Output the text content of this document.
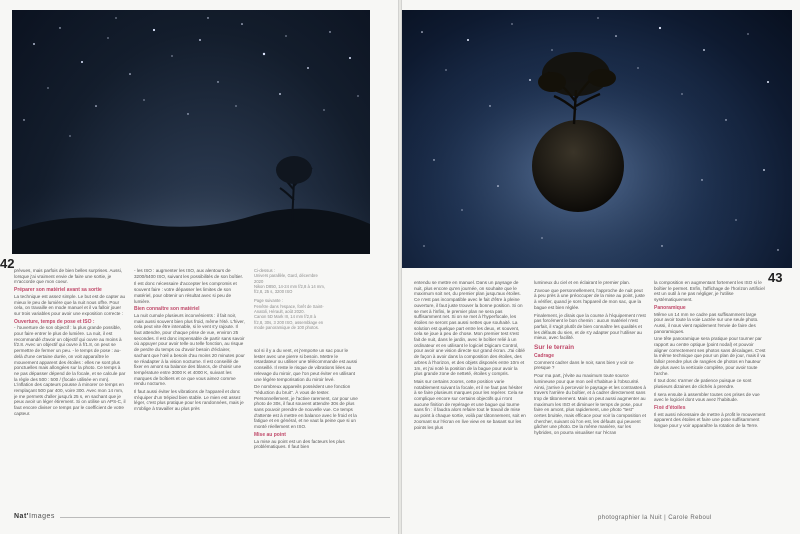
42 prévues, mais parfois de bien belles surprises. Aussi, lorsque j'ai vraiment envie de faire une sortie, je m'accorde que mon coeur.

Préparer son matériel avant sa sortie

La technique est assez simple. Le but est de capter au mieux le peu de lumière que la nuit nous offre. Pour cela, on travaille en mode manuel et il va falloir jouer sur trois variables pour avoir une exposition correcte :

Ouverture, temps de pose et ISO :

- l'ouverture de son objectif : la plus grande possible, pour faire entrer le plus de lumière. La nuit, il est recommandé d'avoir un objectif qui ouvre au moins à f/2.8. Avec un objectif qui ouvre à f/1.8, on peut se permettre de fermer un peu. - le temps de pose : au-delà d'une certaine durée, on voit apparaître le mouvement apparent des étoiles : elles ne sont plus ponctuelles mais allongées sur la photo. Ce temps à ne pas dépasser dépend de la focale, et se calcule par la règle des 500 : 500 / (focale utilisée en mm). L'inflation des capteurs pousse à minorer ce temps en remplaçant 500 par 400, voire 300. Avec mon 14 mm, je me permets d'aller jusqu'à 25 s, en sachant que je peux avoir un léger étirement. Si on utilise un APS-C, il faut encore diviser ce temps par le coefficient de votre capteur.

- les ISO : augmenter les ISO, aux alentours de 3200/6400 ISO, suivant les possibilités de son boîtier.

Il est donc nécessaire d'accepter les compromis et souvent faire : votre dépasser les limites de son matériel, pour obtenir un résultat avec si peu de lumière.

Bien connaître son matériel

La nuit cumule plusieurs inconvénients : il fait noir, mais aussi souvent bien plus froid, même l'été. L'hiver, cela peut vite être intenable, si le vent s'y rajoute. Il faut attendre, pour chaque prise de vue, environ 25 secondes. Il est donc impensable de partir sans savoir où appuyer pour avoir telle ou telle fonction, au risque de perdre du temps ou d'avoir besoin d'éclairer, sachant que l'œil a besoin d'au moins 20 minutes pour se réadapter à la vision nocturne. Il est conseillé de fixer en amont sa balance des blancs, de choisir une température entre 3000 K et 4000 K, suivant les marques de boîtiers et ce que vous aimez comme rendu nocturne.

Il faut aussi éviter les vibrations de l'appareil et donc s'équiper d'un trépied bien stable. Le mien est assez léger, c'est plus pratique pour les randonnées, mais je m'oblige à travailler au plus près

Ci-dessus :
Univers parallèle, Gard, décembre 2020
Nikon D850, 14-24 mm f/2,8 à 14 mm, f/2,8, 25 s, 3200 ISO
Page suivante :
Fenêtre dans l'espace, forêt de Saint-Anatoli, Hérault, août 2020.
Canon 5D Mark III, 14 mm f/2,8 à f/2,8, 30s, 3 200 ISO, assemblage en mode panoramique de 100 photos.

sol si il y a du vent, et j'emporte un sac pour le lester avec une pierre si besoin. Mettre le retardateur ou utiliser une télécommande est aussi conseillé. Il reste le risque de vibrations liées au relevage du miroir, que l'on peut éviter en utilisant une légère temporisation du miroir levé.

De nombreux appareils possèdent une fonction "réduction du bruit". À vous de tester. Personnellement, je l'active rarement, car pour une photo de 30s, il faut souvent attendre 30s de plus sans pouvoir prendre de nouvelle vue. Ce temps d'attente est à mettre en balance avec le froid et la fatigue et en général, et ne vaut la peine que si un monté réellement en ISO.

Mise au point

La mise au point est un des facteurs les plus problématiques. Il faut bien

Nat'Images
43

entendu se mettre en manuel. Dans un paysage de nuit, plus encore qu'en journée, on souhaite que le maximum soit net, du premier plan jusqu'aux étoiles. Ce n'est pas incompatible avec le fait d'être à pleine ouverture, il faut juste trouver la bonne position. Si on se met à l'infini, le premier plan ne sera pas suffisamment net. Si on se met à l'hyperfocale, les étoiles ne seront pas aussi nettes que souhaité. La solution est quelque part entre les deux, et souvent, cela se joue à peu de chose. Mon premier test s'est fait de nuit, dans le jardin, avec le boîtier relié à un ordinateur et en utilisant le logiciel Digicam Control, pour avoir une vision directe sur grand écran. J'ai ciblé de façon à avoir dans la composition des étoiles, des arbres à l'horizon, et des objets disposés entre 10m et 1m, et j'ai noté la position de la bague pour avoir la plus grande zone de netteté, étoiles y compris.

Mais sur certains zooms, cette position varie notablement suivant la focale, et il ne faut pas hésiter à se faire plusieurs marques pour les repérer. Cela se complique encore sur certains objectifs qui n'ont aucune finition de repérage et une bague qui tourne sans fin : il faudra alors refaire tout le travail de mise au point à chaque sortie, voilà par tâtonnement, soit en zoomant sur l'écran en live view en se basant sur les points les plus

lumineux du ciel et en éclairant le premier plan.

J'avoue que personnellement, l'approche de nuit peut à peu près à une préoccuper de la mise au point, juste à vérifier, quand je sors l'appareil de mon sac, que la bague est bien réglée.

Finalement, je dirais que la course à l'équipement n'est pas forcément le bon chemin : aucun matériel n'est parfait, il s'agit plutôt de bien connaître les qualités et les défauts du sien, et de s'y adapter pour l'utiliser au mieux, avec facilité.

Sur le terrain
Cadrage

Comment cadrer dans le noir, sans bien y voir ce presque ?

Pour ma part, j'évite au maximum toute source lumineuse pour que mon oeil s'habitue à l'obscurité. Ainsi, j'arrive à percevoir le paysage et les contrastes à travers l'arrière du boîtier, et à cadrer directement sans trop de tâtonnement. Mais on peut aussi augmenter au maximum les ISO et diminuer le temps de pose, pour faire en amont, plus rapidement, une photo "test" certes bruitée, mais efficace pour voir la composition et chercher, suivant où l'on est, les défauts qui peuvent gâcher une photo. De la même manière, sur les hybrides, on pourra visualiser sur l'écran

la composition en augmentant fortement les ISO si le boîtier le permet. Enfin, l'affichage de l'horizon artificiel est un outil à ne pas négliger, je l'utilise systématiquement.

Panoramique

Même un 14 mm ne cadre pas suffisamment large pour avoir toute la voie Lactée sur une seule photo. Aussi, il nous vient rapidement l'envie de faire des panoramiques.

Une tête panoramique sera pratique pour tourner par rapport au centre optique (point nodal) et pouvoir aligner correctement ses photos sans décalages. C'est la même technique que pour un plan de jour, mais il va falloir prendre plus de rangées de photos en hauteur de plus avec la verticale complète, pour avoir toute l'arche.

Il tout donc s'armer de patience puisque ce sont plusieurs dizaines de clichés à prendre.

Il sera ensuite à assembler toutes ces prises de vue avec le logiciel dont vous avez l'habitude.

Fixé d'étoiles

Il est aussi nécessaire de mettre à profit le mouvement apparent des étoiles et faire une pose suffisamment longue pour y voir apparaître la rotation de la Terre.

photographier la Nuit | Carole Reboul
